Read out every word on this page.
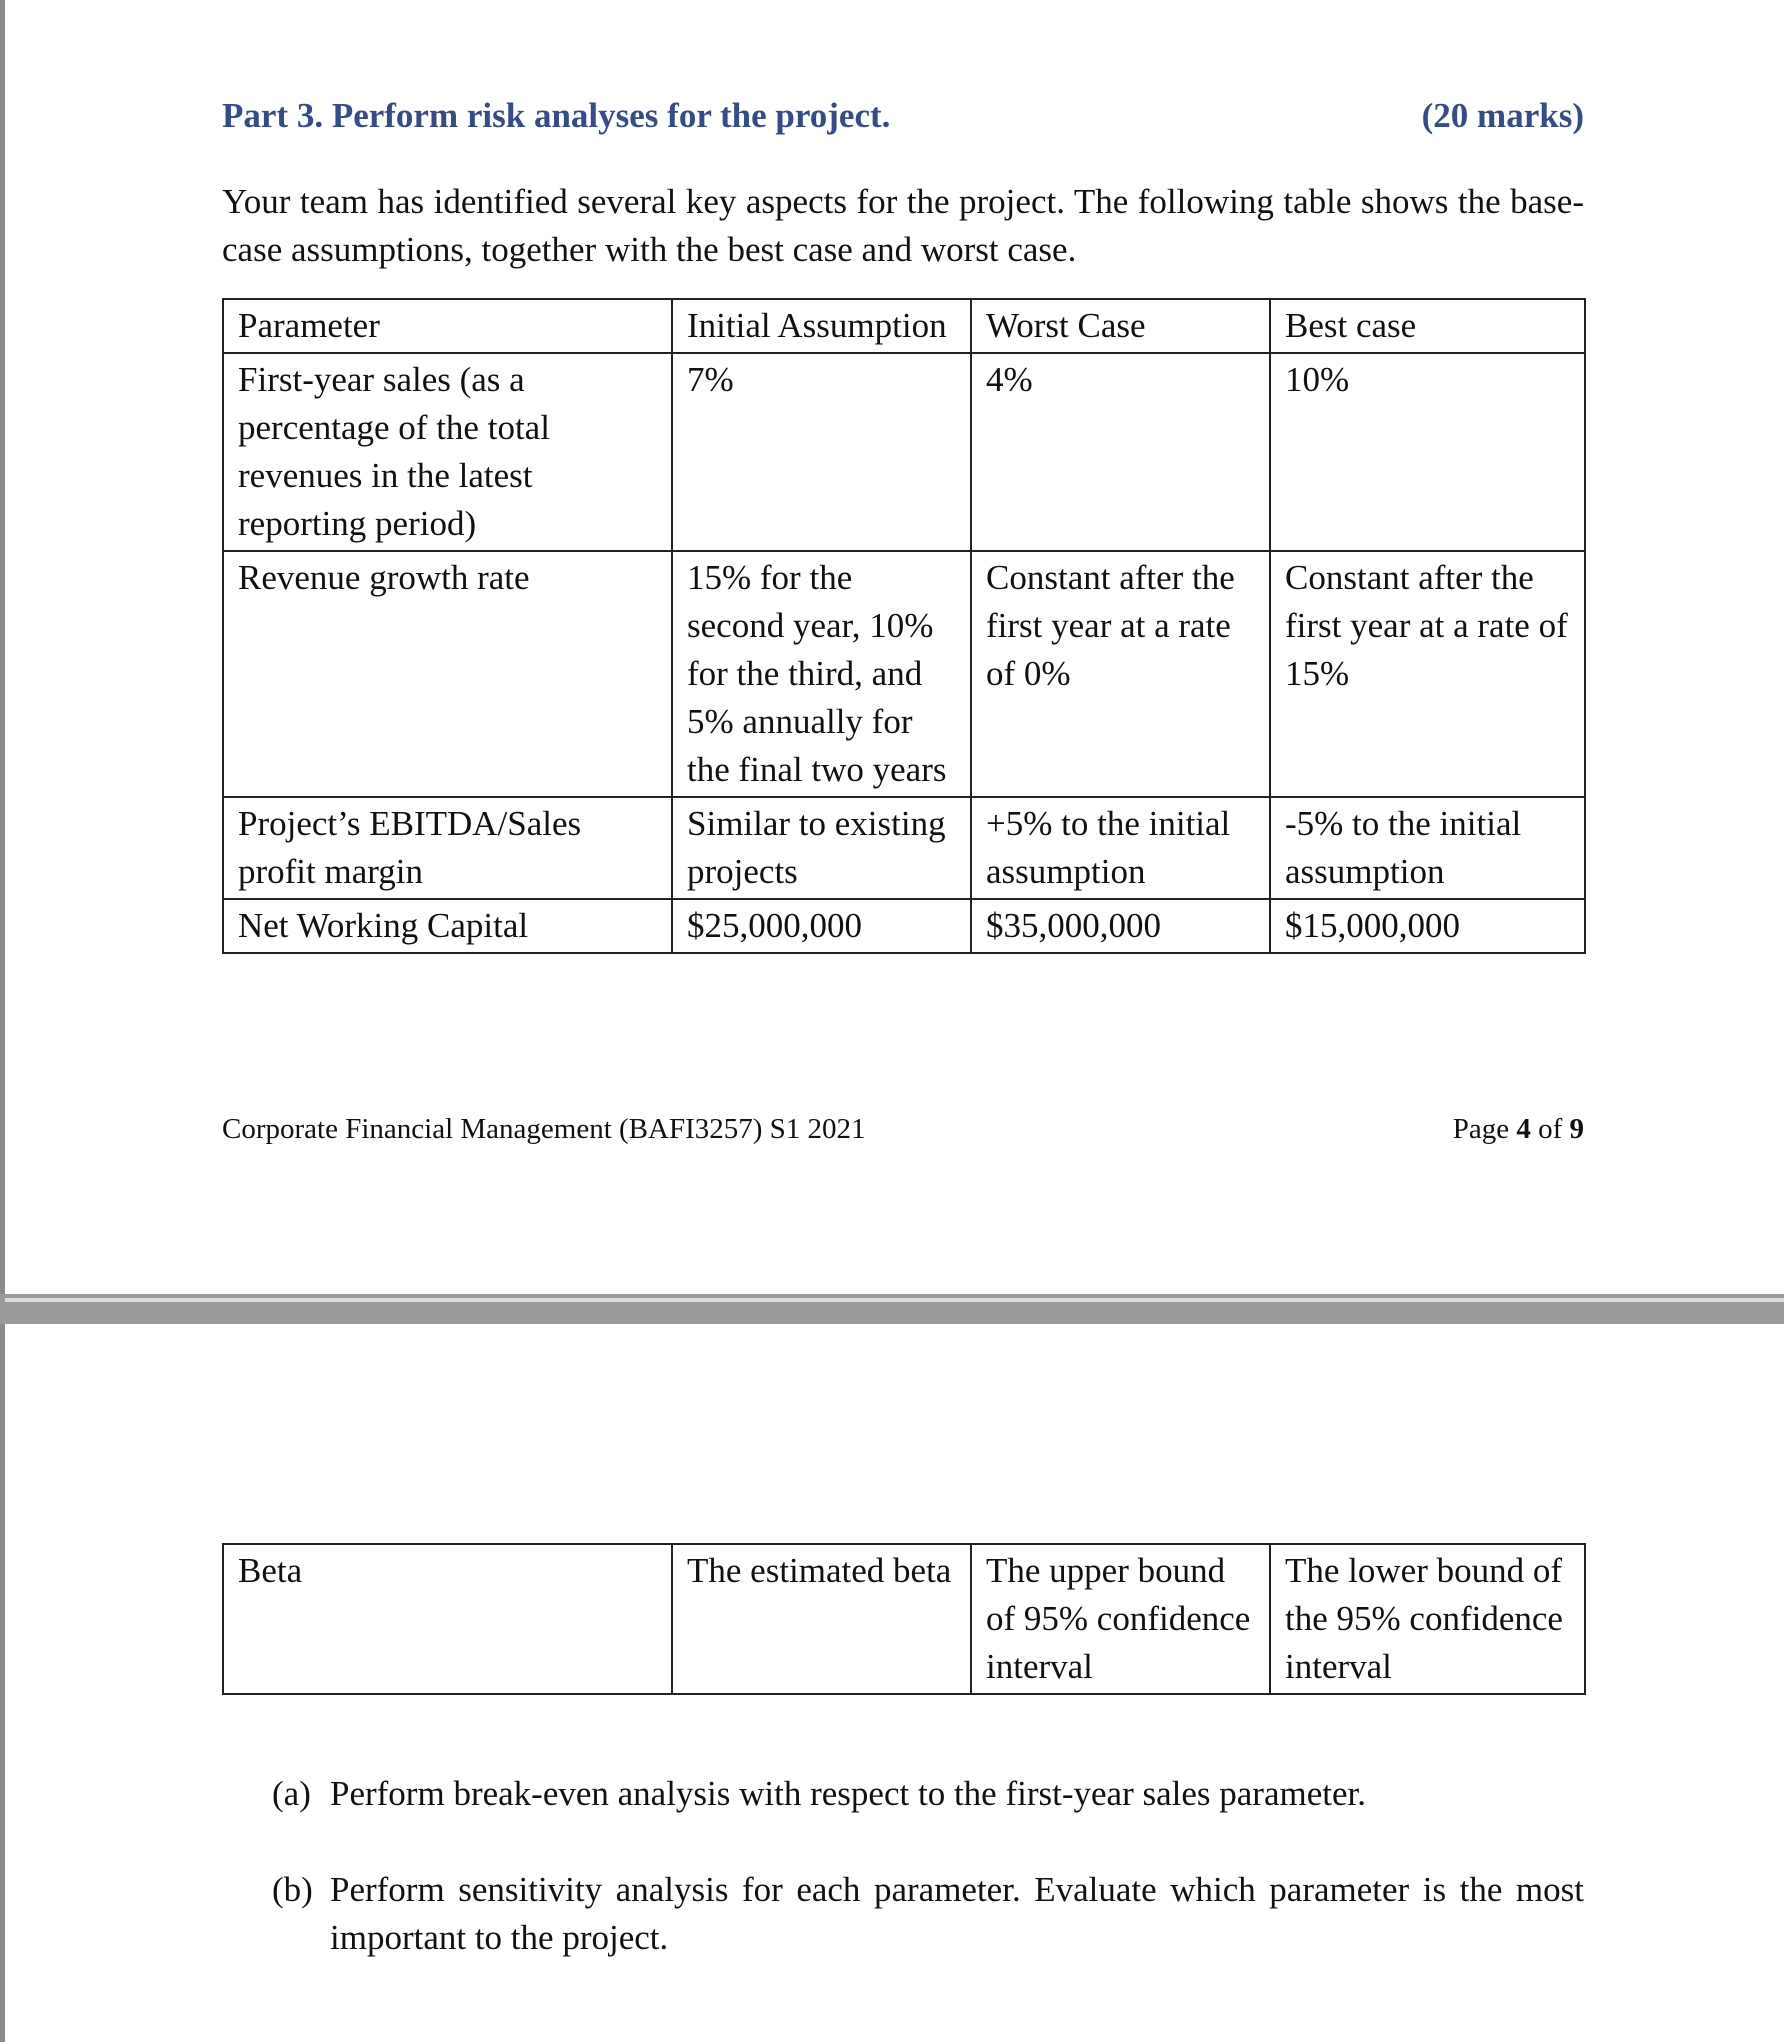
Part 3. Perform risk analyses for the project.	(20 marks)
Your team has identified several key aspects for the project. The following table shows the base-case assumptions, together with the best case and worst case.
Parameter	Initial Assumption	Worst Case	Best case
First-year sales (as a percentage of the total revenues in the latest reporting period)	7%	4%	10%
Revenue growth rate	15% for the second year, 10% for the third, and 5% annually for the final two years	Constant after the first year at a rate of 0%	Constant after the first year at a rate of 15%
Project’s EBITDA/Sales profit margin	Similar to existing projects	+5% to the initial assumption	-5% to the initial assumption
Net Working Capital	$25,000,000	$35,000,000	$15,000,000
Corporate Financial Management (BAFI3257) S1 2021	Page 4 of 9
Beta	The estimated beta	The upper bound of 95% confidence interval	The lower bound of the 95% confidence interval
(a) Perform break-even analysis with respect to the first-year sales parameter.
(b) Perform sensitivity analysis for each parameter. Evaluate which parameter is the most important to the project.
